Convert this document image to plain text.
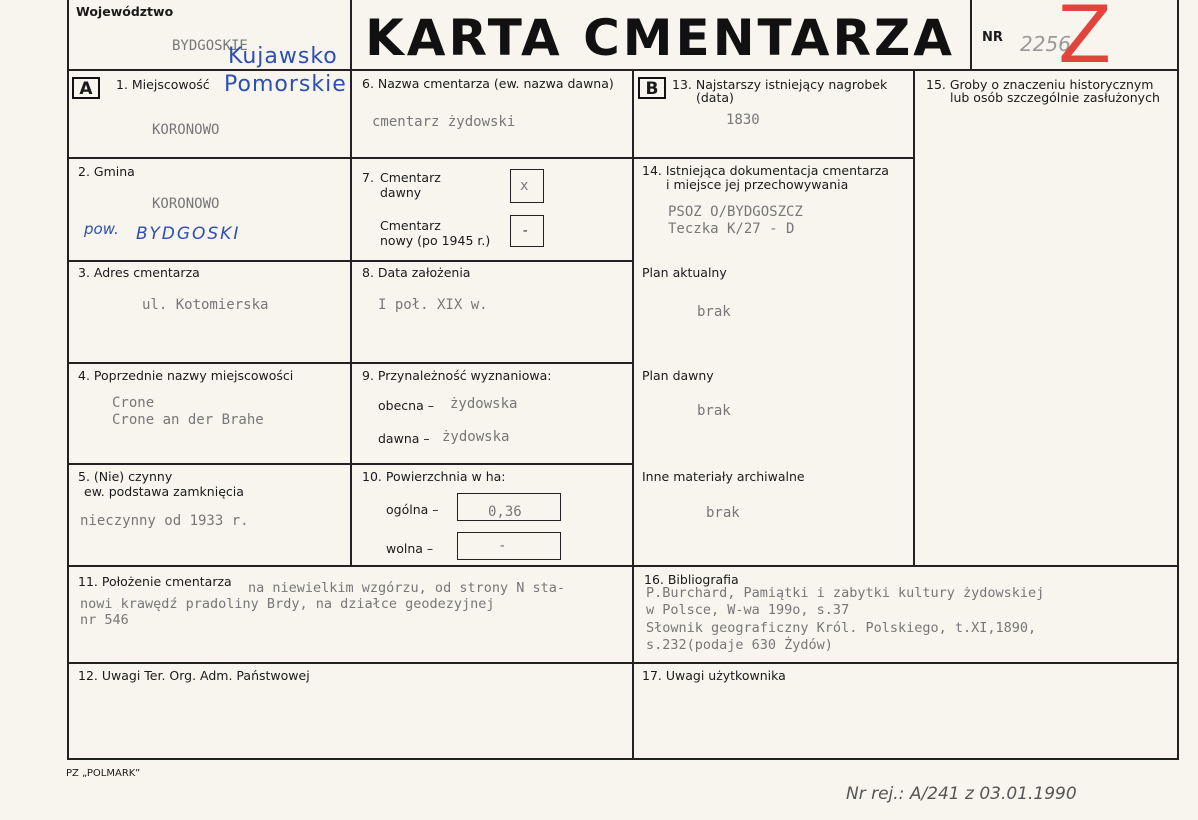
Województwo
BYDGOSKIE
Kujawsko
Pomorskie
KARTA CMENTARZA	NR 2256
Z
A	1. Miejscowość
KORONOWO
6. Nazwa cmentarza (ew. nazwa dawna)
cmentarz żydowski
B	13. Najstarszy istniejący nagrobek
(data)
1830
15. Groby o znaczeniu historycznym
lub osób szczególnie zasłużonych
2. Gmina
KORONOWO
pow. BYDGOSKI
7. Cmentarz
dawny	x
Cmentarz
nowy (po 1945 r.)
-
14. Istniejąca dokumentacja cmentarza
i miejsce jej przechowywania
PSOZ O/BYDGOSZCZ
Teczka K/27 - D
3. Adres cmentarza
ul. Kotomierska
8. Data założenia
I poł. XIX w.
Plan aktualny
brak
4. Poprzednie nazwy miejscowości
Crone
Crone an der Brahe
9. Przynależność wyznaniowa:
obecna – żydowska
dawna – żydowska
Plan dawny
brak
5. (Nie) czynny
ew. podstawa zamknięcia
nieczynny od 1933 r.
10. Powierzchnia w ha:
ogólna –	0,36
wolna –	-
Inne materiały archiwalne
brak
11. Położenie cmentarza na niewielkim wzgórzu, od strony N sta-
nowi krawędź pradoliny Brdy, na działce geodezyjnej
nr 546
16. Bibliografia
P.Burchard, Pamiątki i zabytki kultury żydowskiej
w Polsce, W-wa 199o, s.37
Słownik geograficzny Król. Polskiego, t.XI,1890,
s.232(podaje 630 Żydów)
12. Uwagi Ter. Org. Adm. Państwowej	17. Uwagi użytkownika
PZ „POLMARK”
Nr rej.: A/241 z 03.01.1990
